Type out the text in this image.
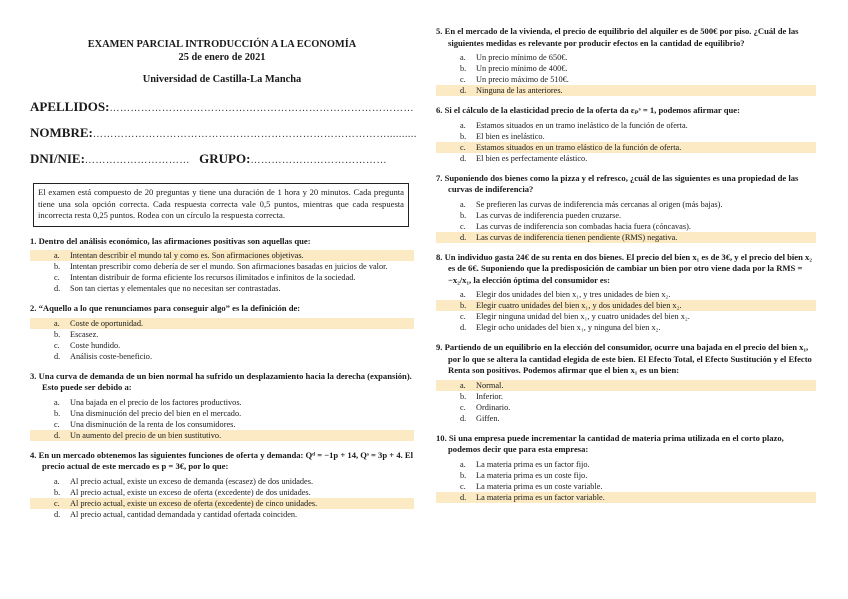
EXAMEN PARCIAL INTRODUCCIÓN A LA ECONOMÍA
25 de enero de 2021
Universidad de Castilla-La Mancha
APELLIDOS:……………………………………………………………………………
NOMBRE:…………………………………………………………………………..........
DNI/NIE:………………………… GRUPO:…………………………………
El examen está compuesto de 20 preguntas y tiene una duración de 1 hora y 20 minutos. Cada pregunta tiene una sola opción correcta. Cada respuesta correcta vale 0,5 puntos, mientras que cada respuesta incorrecta resta 0,25 puntos. Rodea con un círculo la respuesta correcta.
1. Dentro del análisis económico, las afirmaciones positivas son aquellas que:
a. Intentan describir el mundo tal y como es. Son afirmaciones objetivas.
b. Intentan prescribir como debería de ser el mundo. Son afirmaciones basadas en juicios de valor.
c. Intentan distribuir de forma eficiente los recursos ilimitados e infinitos de la sociedad.
d. Son tan ciertas y elementales que no necesitan ser contrastadas.
2. “Aquello a lo que renunciamos para conseguir algo” es la definición de:
a. Coste de oportunidad.
b. Escasez.
c. Coste hundido.
d. Análisis coste-beneficio.
3. Una curva de demanda de un bien normal ha sufrido un desplazamiento hacia la derecha (expansión). Esto puede ser debido a:
a. Una bajada en el precio de los factores productivos.
b. Una disminución del precio del bien en el mercado.
c. Una disminución de la renta de los consumidores.
d. Un aumento del precio de un bien sustitutivo.
4. En un mercado obtenemos las siguientes funciones de oferta y demanda: Qᵈ = −1p + 14, Qˢ = 3p + 4. El precio actual de este mercado es p = 3€, por lo que:
a. Al precio actual, existe un exceso de demanda (escasez) de dos unidades.
b. Al precio actual, existe un exceso de oferta (excedente) de dos unidades.
c. Al precio actual, existe un exceso de oferta (excedente) de cinco unidades.
d. Al precio actual, cantidad demandada y cantidad ofertada coinciden.
5. En el mercado de la vivienda, el precio de equilibrio del alquiler es de 500€ por piso. ¿Cuál de las siguientes medidas es relevante por producir efectos en la cantidad de equilibrio?
a. Un precio mínimo de 650€.
b. Un precio mínimo de 400€.
c. Un precio máximo de 510€.
d. Ninguna de las anteriores.
6. Si el cálculo de la elasticidad precio de la oferta da εₚˢ = 1, podemos afirmar que:
a. Estamos situados en un tramo inelástico de la función de oferta.
b. El bien es inelástico.
c. Estamos situados en un tramo elástico de la función de oferta.
d. El bien es perfectamente elástico.
7. Suponiendo dos bienes como la pizza y el refresco, ¿cuál de las siguientes es una propiedad de las curvas de indiferencia?
a. Se prefieren las curvas de indiferencia más cercanas al origen (más bajas).
b. Las curvas de indiferencia pueden cruzarse.
c. Las curvas de indiferencia son combadas hacia fuera (cóncavas).
d. Las curvas de indiferencia tienen pendiente (RMS) negativa.
8. Un individuo gasta 24€ de su renta en dos bienes. El precio del bien x₁ es de 3€, y el precio del bien x₂ es de 6€. Suponiendo que la predisposición de cambiar un bien por otro viene dada por la RMS = −x₂/x₁, la elección óptima del consumidor es:
a. Elegir dos unidades del bien x₁, y tres unidades de bien x₂.
b. Elegir cuatro unidades del bien x₁, y dos unidades del bien x₂.
c. Elegir ninguna unidad del bien x₁, y cuatro unidades del bien x₂.
d. Elegir ocho unidades del bien x₁, y ninguna del bien x₂.
9. Partiendo de un equilibrio en la elección del consumidor, ocurre una bajada en el precio del bien x₁, por lo que se altera la cantidad elegida de este bien. El Efecto Total, el Efecto Sustitución y el Efecto Renta son positivos. Podemos afirmar que el bien x₁ es un bien:
a. Normal.
b. Inferior.
c. Ordinario.
d. Giffen.
10. Si una empresa puede incrementar la cantidad de materia prima utilizada en el corto plazo, podemos decir que para esta empresa:
a. La materia prima es un factor fijo.
b. La materia prima es un coste fijo.
c. La materia prima es un coste variable.
d. La materia prima es un factor variable.
